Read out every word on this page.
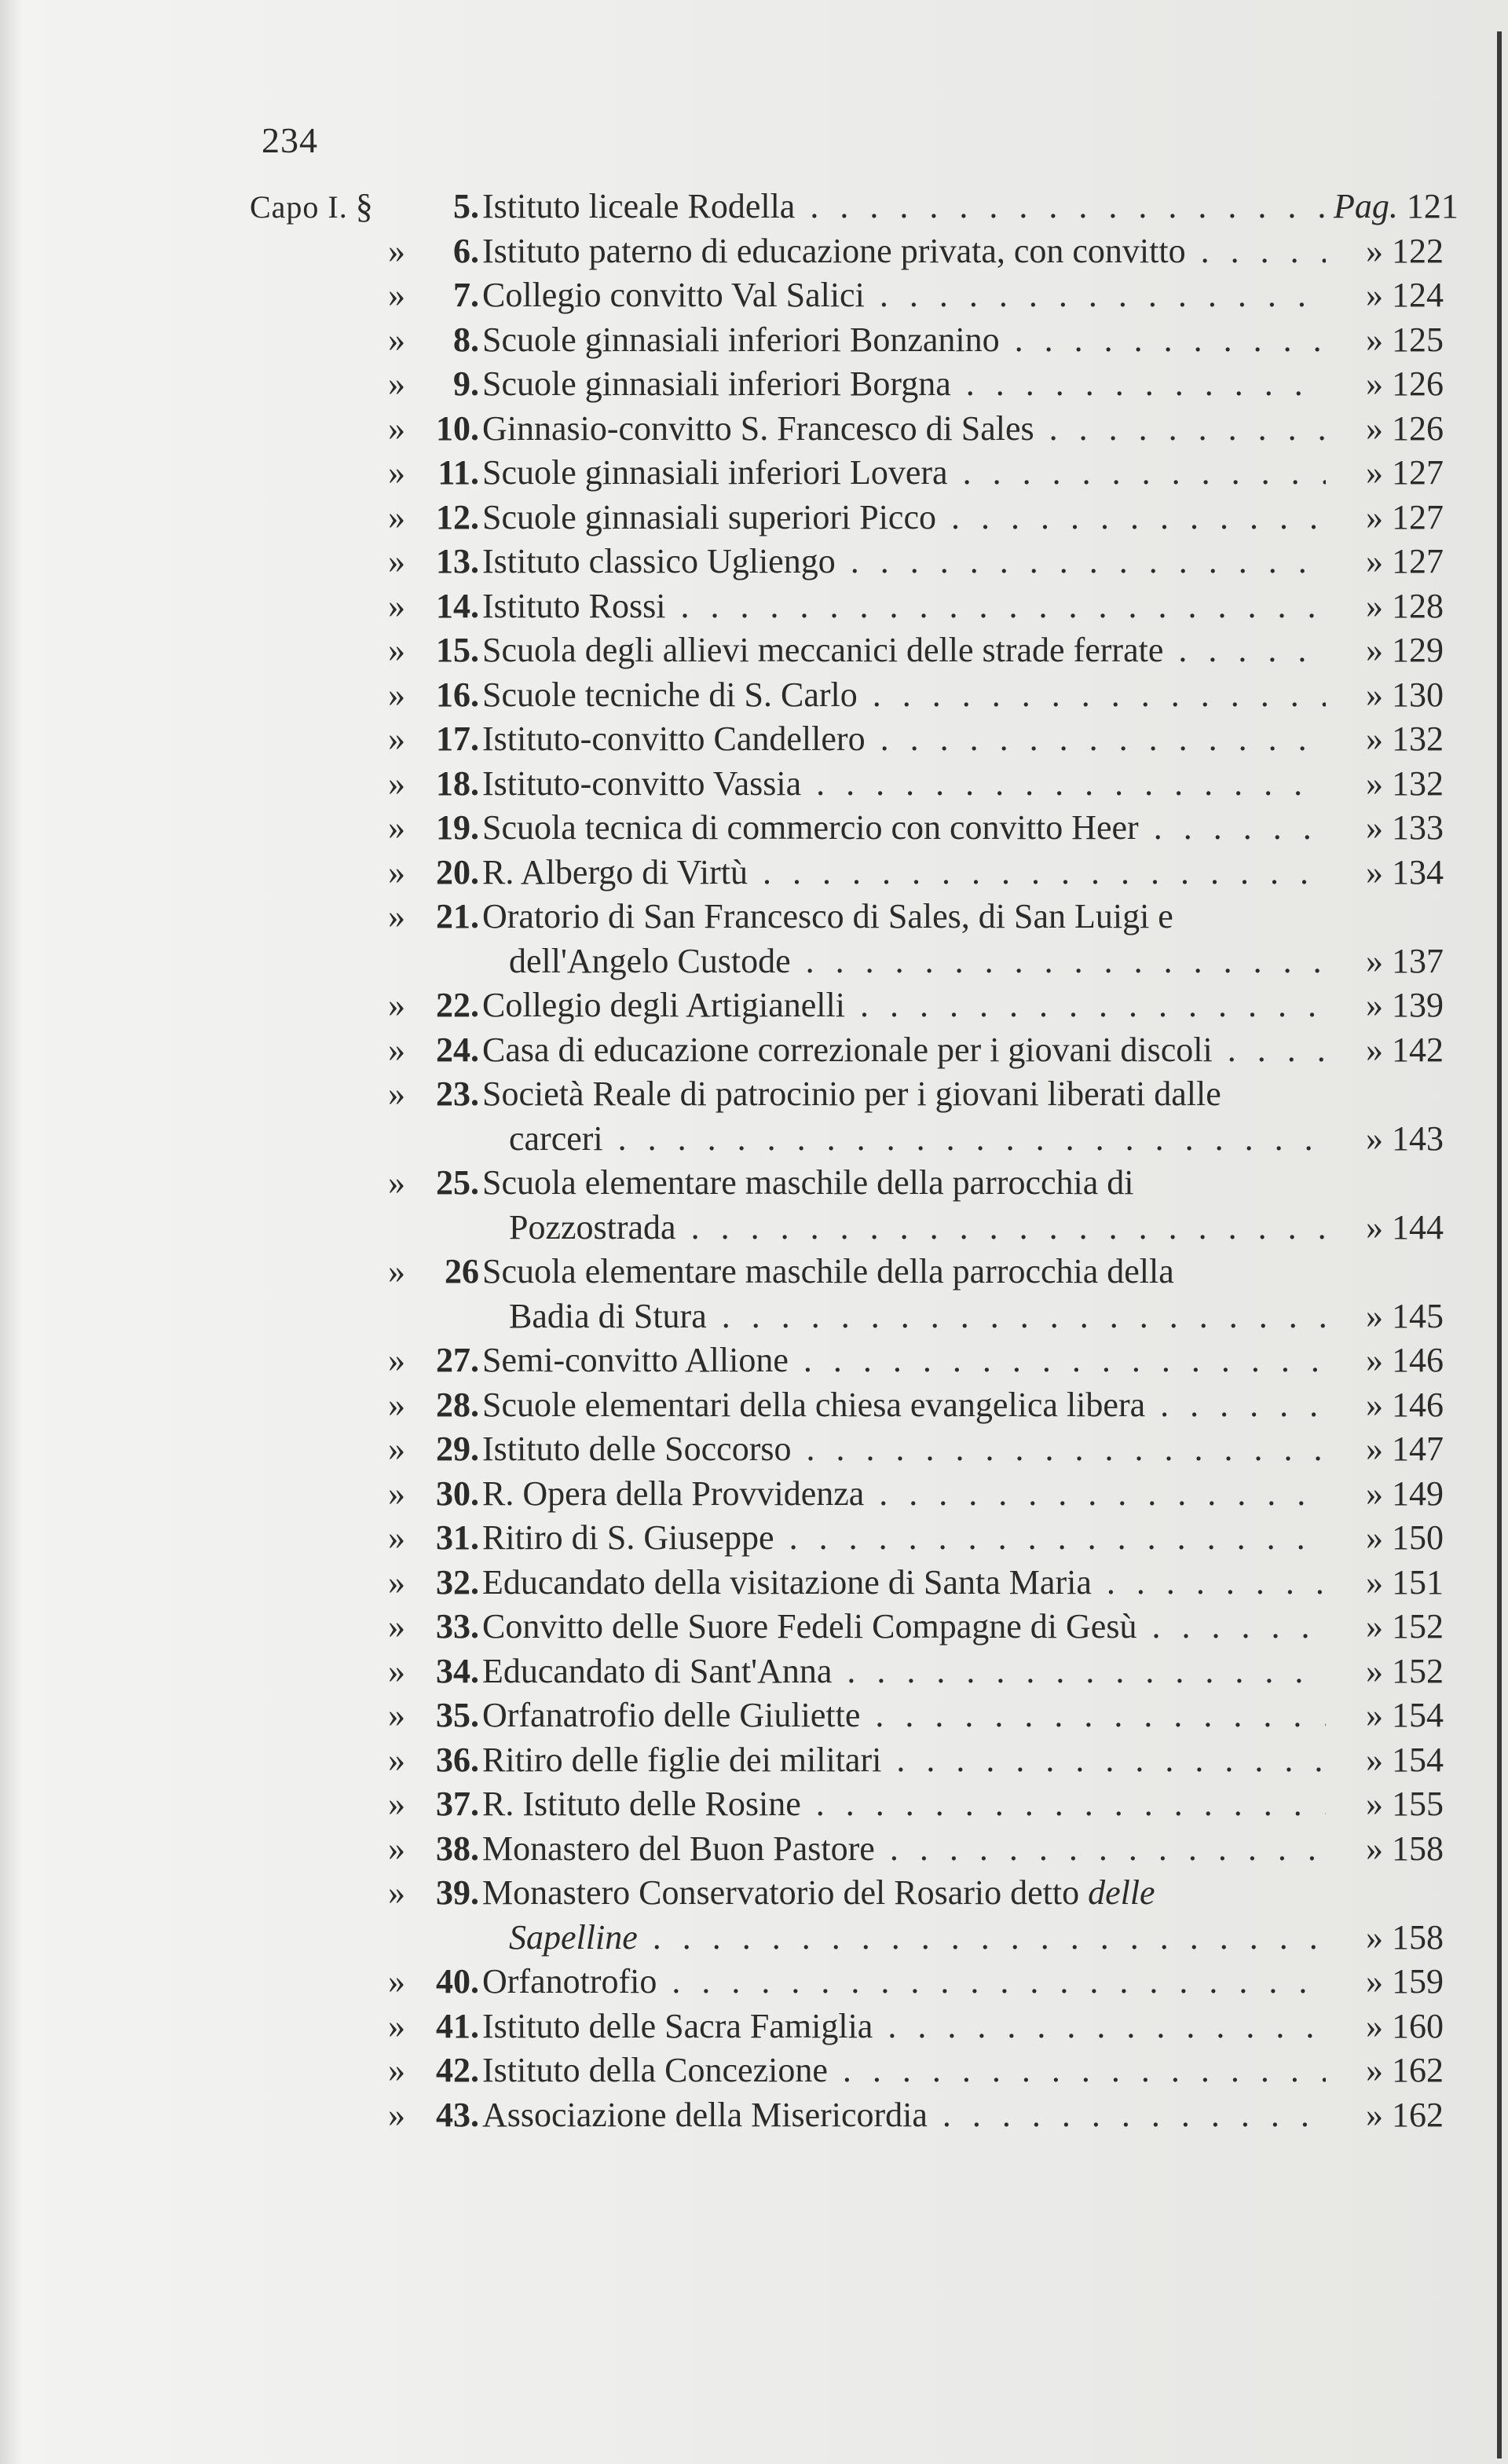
234
Capo I. §	5. Istituto liceale Rodella . . .	Pag. 121
»	6. Istituto paterno di educazione privata, con convitto . . .	» 122
»	7. Collegio convitto Val Salici . . .	» 124
»	8. Scuole ginnasiali inferiori Bonzanino . . .	» 125
»	9. Scuole ginnasiali inferiori Borgna . . .	» 126
» 10. Ginnasio-convitto S. Francesco di Sales . . .	» 126
» 11. Scuole ginnasiali inferiori Lovera . . .	» 127
» 12. Scuole ginnasiali superiori Picco . . .	» 127
» 13. Istituto classico Ugliengo . . .	» 127
» 14. Istituto Rossi . . .	» 128
» 15. Scuola degli allievi meccanici delle strade ferrate . . .	» 129
» 16. Scuole tecniche di S. Carlo . . .	» 130
» 17. Istituto-convitto Candellero . . .	» 132
» 18. Istituto-convitto Vassia . . .	» 132
» 19. Scuola tecnica di commercio con convitto Heer . . .	» 133
» 20. R. Albergo di Virtù . . .	» 134
» 21. Oratorio di San Francesco di Sales, di San Luigi e
dell'Angelo Custode . . .	» 137
» 22. Collegio degli Artigianelli . . .	» 139
» 24. Casa di educazione correzionale per i giovani discoli . . .	» 142
» 23. Società Reale di patrocinio per i giovani liberati dalle
carceri . . .	» 143
» 25. Scuola elementare maschile della parrocchia di
Pozzostrada . . .	» 144
»	26 Scuola elementare maschile della parrocchia della
Badia di Stura . . .	» 145
» 27. Semi-convitto Allione . . .	» 146
» 28. Scuole elementari della chiesa evangelica libera . . .	» 146
» 29. Istituto delle Soccorso . . .	» 147
» 30. R. Opera della Provvidenza . . .	» 149
» 31. Ritiro di S. Giuseppe . . .	» 150
» 32. Educandato della visitazione di Santa Maria . . .	» 151
» 33. Convitto delle Suore Fedeli Compagne di Gesù . . .	» 152
» 34. Educandato di Sant'Anna . . .	» 152
» 35. Orfanatrofio delle Giuliette . . .	» 154
» 36. Ritiro delle figlie dei militari . . .	» 154
» 37. R. Istituto delle Rosine . . .	» 155
» 38. Monastero del Buon Pastore . . .	» 158
» 39. Monastero Conservatorio del Rosario detto delle
Sapelline . . .	» 158
» 40. Orfanotrofio . . .	» 159
» 41. Istituto delle Sacra Famiglia . . .	» 160
» 42. Istituto della Concezione . . .	» 162
» 43. Associazione della Misericordia . . .	» 162
